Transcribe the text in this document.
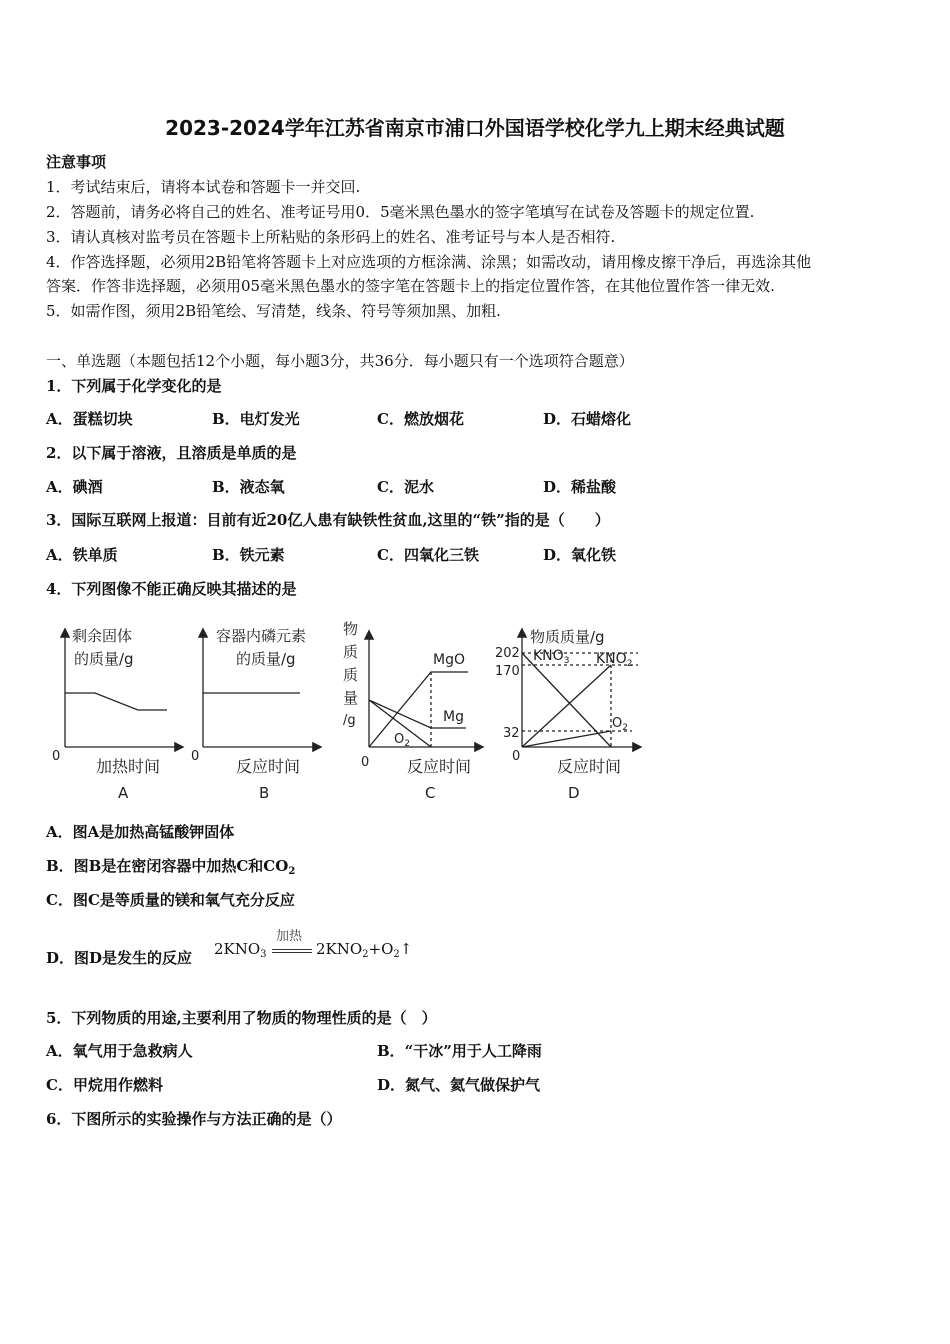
2023-2024学年江苏省南京市浦口外国语学校化学九上期末经典试题
注意事项
1．考试结束后，请将本试卷和答题卡一并交回.
2．答题前，请务必将自己的姓名、准考证号用0．5毫米黑色墨水的签字笔填写在试卷及答题卡的规定位置.
3．请认真核对监考员在答题卡上所粘贴的条形码上的姓名、准考证号与本人是否相符.
4．作答选择题，必须用2B铅笔将答题卡上对应选项的方框涂满、涂黑；如需改动，请用橡皮擦干净后，再选涂其他
答案．作答非选择题，必须用05毫米黑色墨水的签字笔在答题卡上的指定位置作答，在其他位置作答一律无效.
5．如需作图，须用2B铅笔绘、写清楚，线条、符号等须加黑、加粗.
一、单选题（本题包括12个小题，每小题3分，共36分．每小题只有一个选项符合题意）
1．下列属于化学变化的是
A．蛋糕切块	B．电灯发光	C．燃放烟花	D．石蜡熔化
2．以下属于溶液，且溶质是单质的是
A．碘酒	B．液态氧	C．泥水	D．稀盐酸
3．国际互联网上报道：目前有近20亿人患有缺铁性贫血,这里的“铁”指的是（　　）
A．铁单质	B．铁元素	C．四氧化三铁	D．氧化铁
4．下列图像不能正确反映其描述的是
剩余固体
的质量/g
0
加热时间
A
容器内磷元素
的质量/g
0
反应时间
B
物
质
质
量
/g
MgO
Mg
$O_2$
0 反应时间
C
物质质量/g
202
170
32
$KNO_3$ $KNO_2$
$O_2$
0
反应时间
D
A．图A是加热高锰酸钾固体
B．图B是在密闭容器中加热C和$CO_2$
C．图C是等质量的镁和氧气充分反应
D．图D是发生的反应 $2KNO_3$
加热
$2KNO_2+O_2↑$
5．下列物质的用途,主要利用了物质的物理性质的是（　）
A．氧气用于急救病人	B．“干冰”用于人工降雨
C．甲烷用作燃料	D．氮气、氦气做保护气
6．下图所示的实验操作与方法正确的是（）
